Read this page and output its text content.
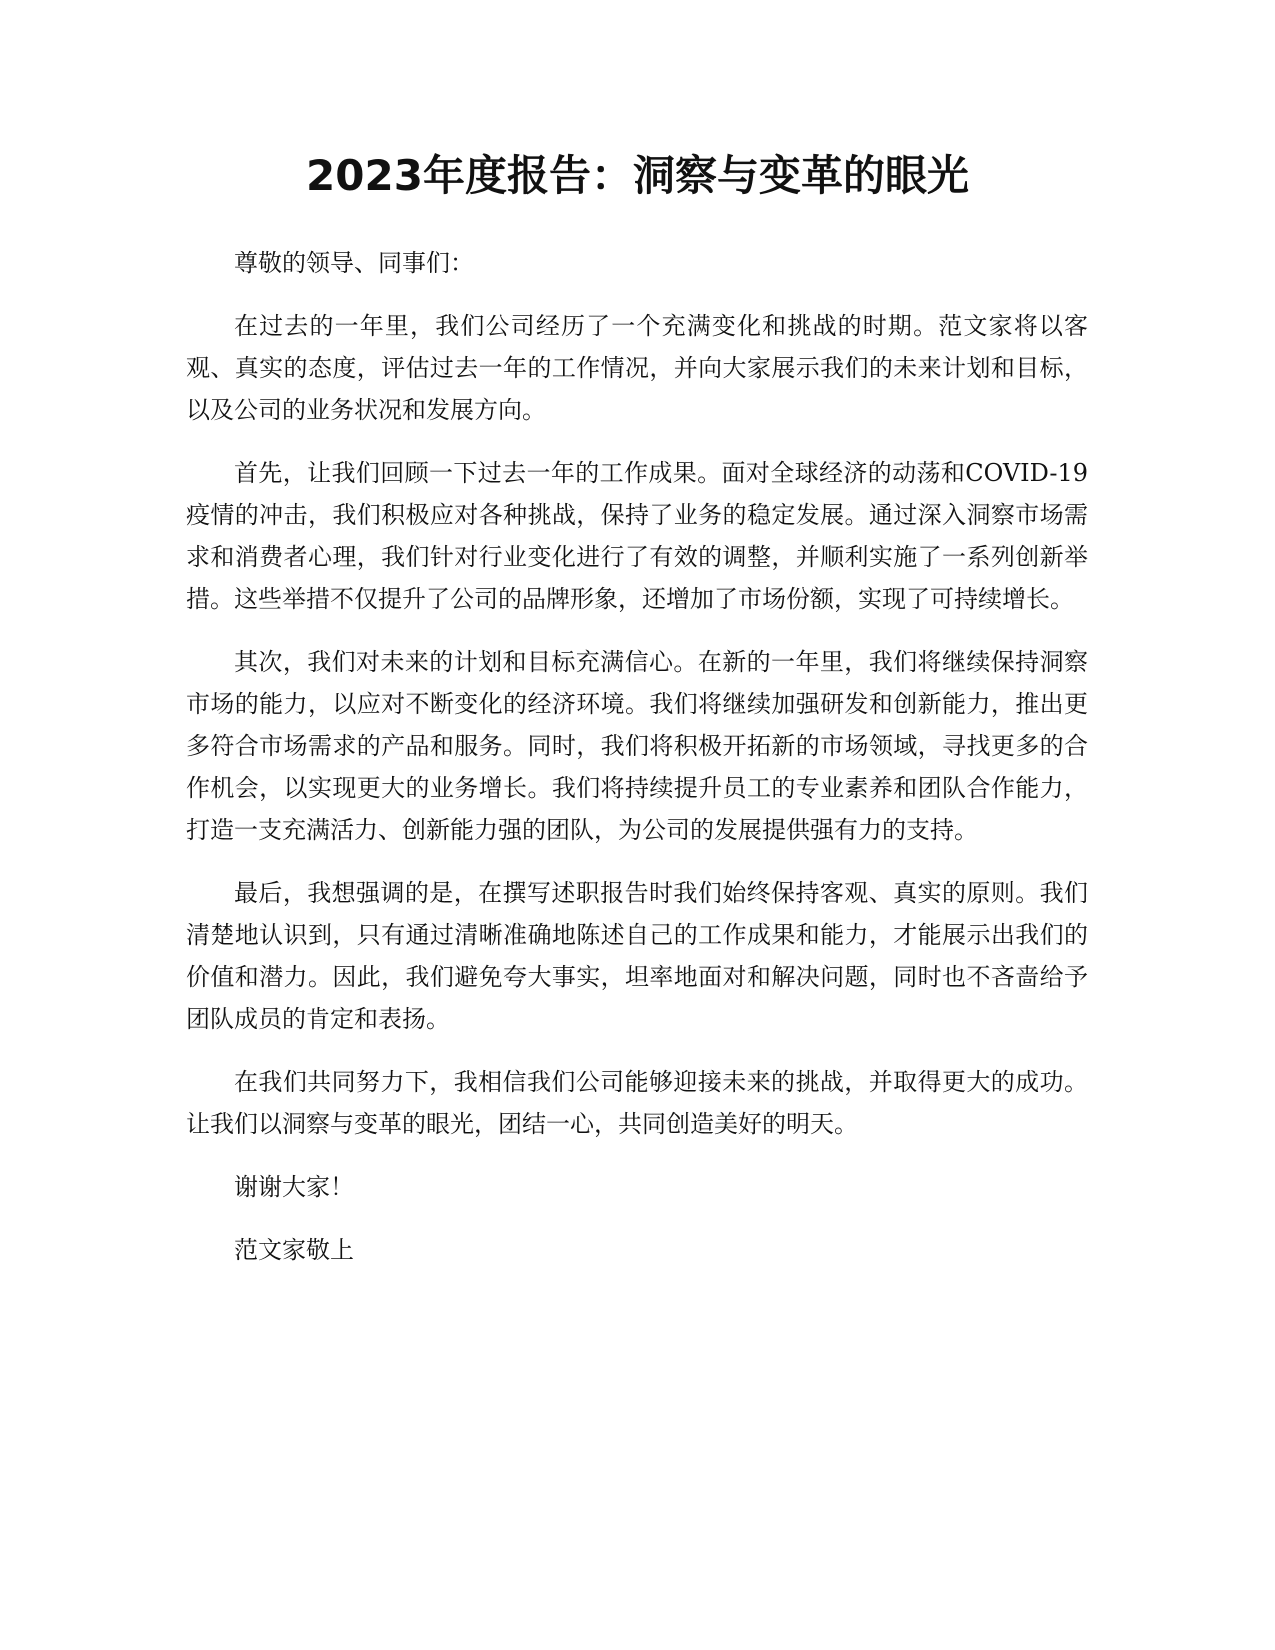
2023年度报告：洞察与变革的眼光

尊敬的领导、同事们：

在过去的一年里，我们公司经历了一个充满变化和挑战的时期。范文家将以客观、真实的态度，评估过去一年的工作情况，并向大家展示我们的未来计划和目标，以及公司的业务状况和发展方向。

首先，让我们回顾一下过去一年的工作成果。面对全球经济的动荡和COVID-19疫情的冲击，我们积极应对各种挑战，保持了业务的稳定发展。通过深入洞察市场需求和消费者心理，我们针对行业变化进行了有效的调整，并顺利实施了一系列创新举措。这些举措不仅提升了公司的品牌形象，还增加了市场份额，实现了可持续增长。

其次，我们对未来的计划和目标充满信心。在新的一年里，我们将继续保持洞察市场的能力，以应对不断变化的经济环境。我们将继续加强研发和创新能力，推出更多符合市场需求的产品和服务。同时，我们将积极开拓新的市场领域，寻找更多的合作机会，以实现更大的业务增长。我们将持续提升员工的专业素养和团队合作能力，打造一支充满活力、创新能力强的团队，为公司的发展提供强有力的支持。

最后，我想强调的是，在撰写述职报告时我们始终保持客观、真实的原则。我们清楚地认识到，只有通过清晰准确地陈述自己的工作成果和能力，才能展示出我们的价值和潜力。因此，我们避免夸大事实，坦率地面对和解决问题，同时也不吝啬给予团队成员的肯定和表扬。

在我们共同努力下，我相信我们公司能够迎接未来的挑战，并取得更大的成功。让我们以洞察与变革的眼光，团结一心，共同创造美好的明天。

谢谢大家！

范文家敬上
